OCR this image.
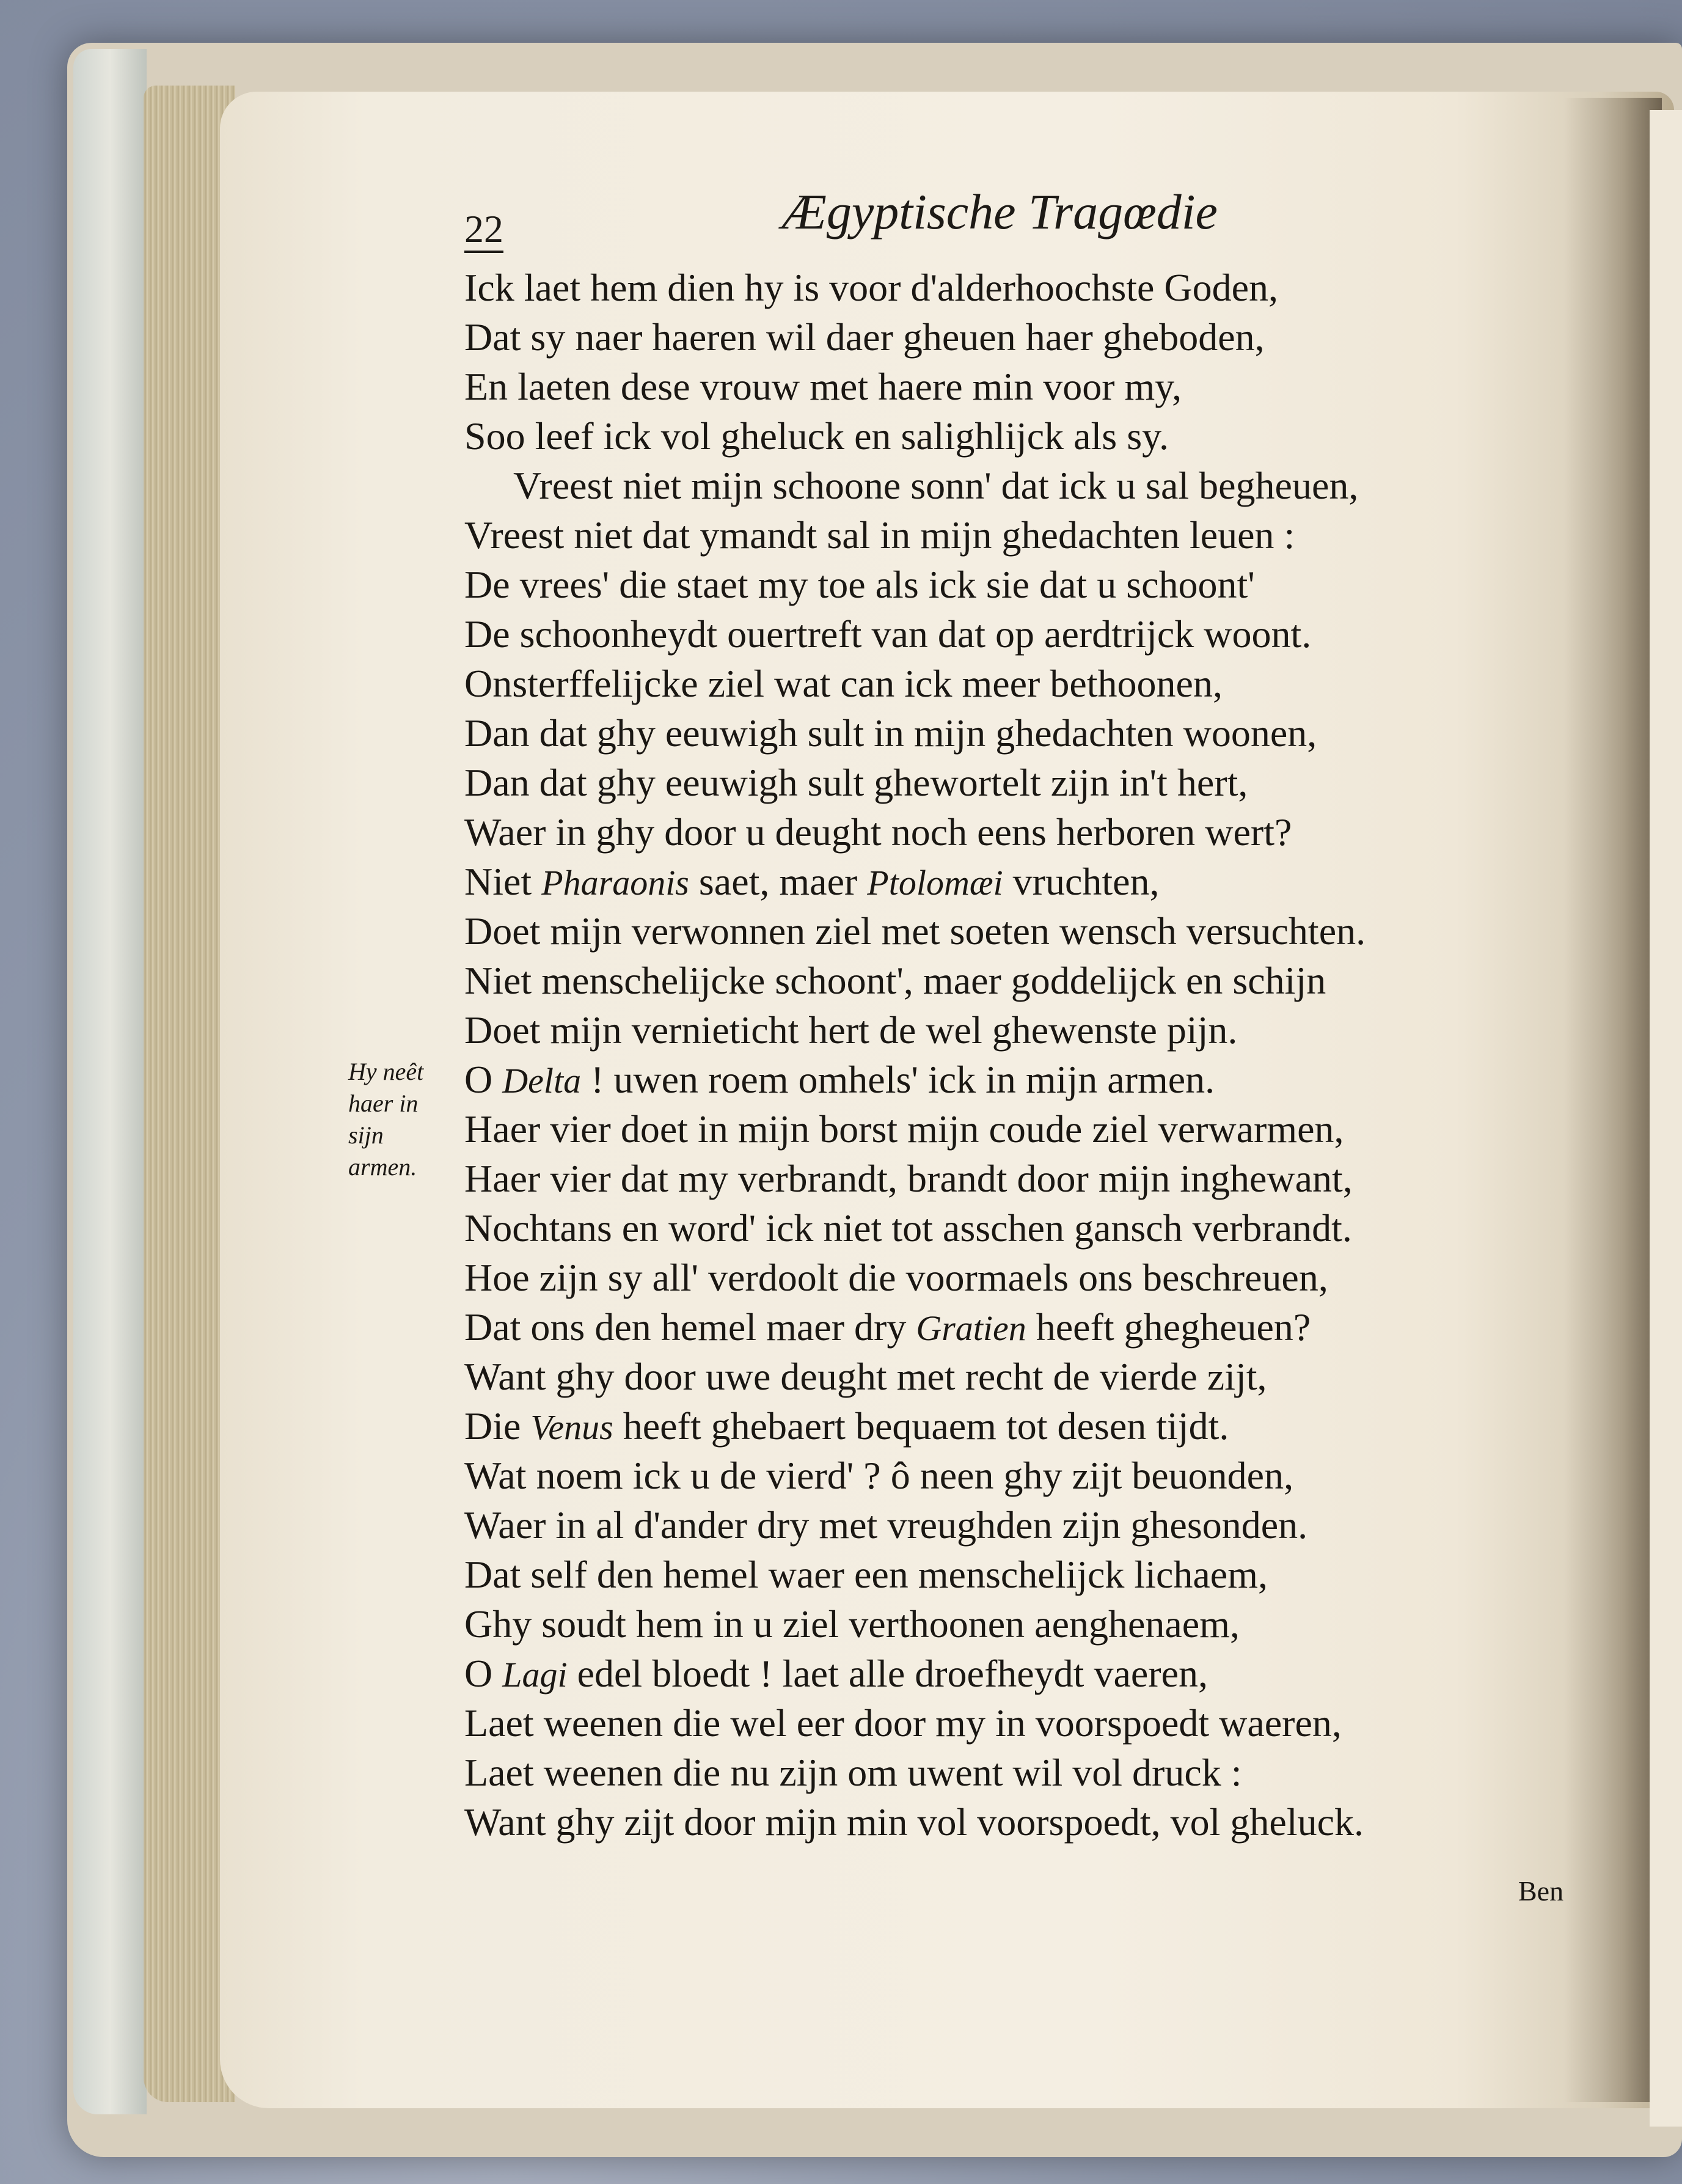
22	Ægyptische Tragœdie
Hy neêt haer in sijn armen.
Ick laet hem dien hy is voor d'alderhoochste Goden,
Dat sy naer haeren wil daer gheuen haer gheboden,
En laeten dese vrouw met haere min voor my,
Soo leef ick vol gheluck en salighlijck als sy.
Vreest niet mijn schoone sonn' dat ick u sal begheuen,
Vreest niet dat ymandt sal in mijn ghedachten leuen :
De vrees' die staet my toe als ick sie dat u schoont'
De schoonheydt ouertreft van dat op aerdtrijck woont.
Onsterffelijcke ziel wat can ick meer bethoonen,
Dan dat ghy eeuwigh sult in mijn ghedachten woonen,
Dan dat ghy eeuwigh sult ghewortelt zijn in't hert,
Waer in ghy door u deught noch eens herboren wert?
Niet Pharaonis saet, maer Ptolomæi vruchten,
Doet mijn verwonnen ziel met soeten wensch versuchten.
Niet menschelijcke schoont', maer goddelijck en schijn
Doet mijn vernieticht hert de wel ghewenste pijn.
O Delta ! uwen roem omhels' ick in mijn armen.
Haer vier doet in mijn borst mijn coude ziel verwarmen,
Haer vier dat my verbrandt, brandt door mijn inghewant,
Nochtans en word' ick niet tot asschen gansch verbrandt.
Hoe zijn sy all' verdoolt die voormaels ons beschreuen,
Dat ons den hemel maer dry Gratien heeft ghegheuen?
Want ghy door uwe deught met recht de vierde zijt,
Die Venus heeft ghebaert bequaem tot desen tijdt.
Wat noem ick u de vierd' ? ô neen ghy zijt beuonden,
Waer in al d'ander dry met vreughden zijn ghesonden.
Dat self den hemel waer een menschelijck lichaem,
Ghy soudt hem in u ziel verthoonen aenghenaem,
O Lagi edel bloedt ! laet alle droefheydt vaeren,
Laet weenen die wel eer door my in voorspoedt waeren,
Laet weenen die nu zijn om uwent wil vol druck :
Want ghy zijt door mijn min vol voorspoedt, vol gheluck.
Ben
